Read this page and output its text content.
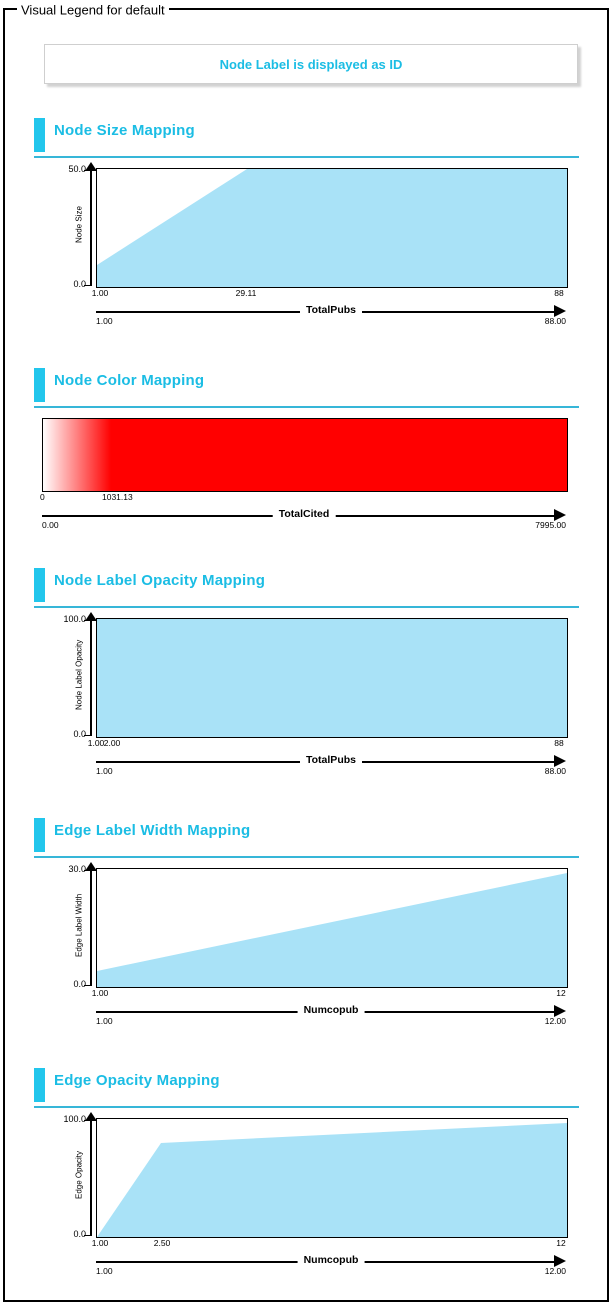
Visual Legend for default
Node Label is displayed as ID
Node Size Mapping
50.0
0.0
Node Size
1.00	29.11	88
TotalPubs
1.00	88.00
Node Color Mapping
0	1031.13
TotalCited
0.00	7995.00
Node Label Opacity Mapping
100.0
0.0
Node Label Opacity
1.00 2.00	88
TotalPubs
1.00	88.00
Edge Label Width Mapping
30.0
0.0
Edge Label Width
1.00	12
Numcopub
1.00	12.00
Edge Opacity Mapping
100.0
0.0
Edge Opacity
1.00	2.50	12
Numcopub
1.00	12.00
